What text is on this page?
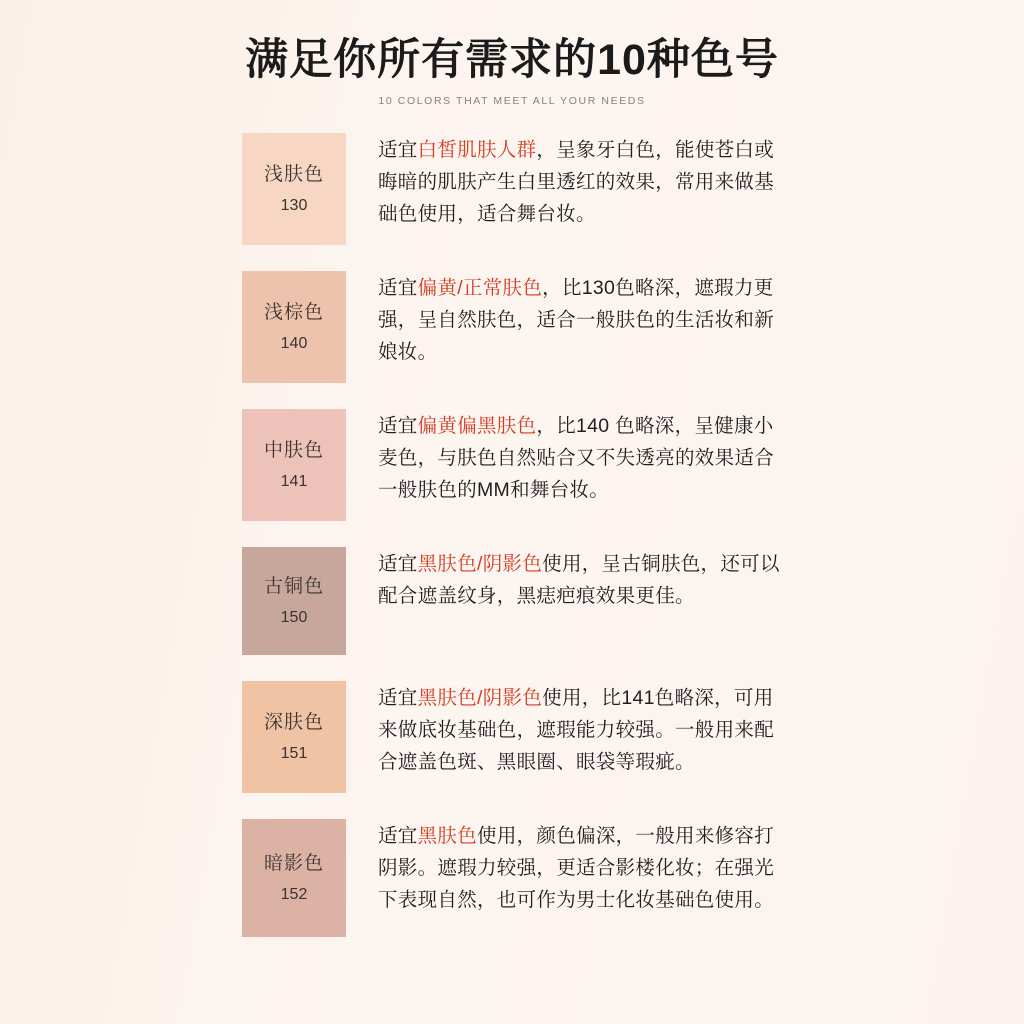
满足你所有需求的10种色号
10 COLORS THAT MEET ALL YOUR NEEDS
浅肤色
130
适宜白皙肌肤人群，呈象牙白色，能使苍白或晦暗的肌肤产生白里透红的效果，常用来做基础色使用，适合舞台妆。
浅棕色
140
适宜偏黄/正常肤色，比130色略深，遮瑕力更强，呈自然肤色，适合一般肤色的生活妆和新娘妆。
中肤色
141
适宜偏黄偏黑肤色，比140 色略深，呈健康小麦色，与肤色自然贴合又不失透亮的效果适合一般肤色的MM和舞台妆。
古铜色
150
适宜黑肤色/阴影色使用，呈古铜肤色，还可以配合遮盖纹身，黑痣疤痕效果更佳。
深肤色
151
适宜黑肤色/阴影色使用，比141色略深，可用来做底妆基础色，遮瑕能力较强。一般用来配合遮盖色斑、黑眼圈、眼袋等瑕疵。
暗影色
152
适宜黑肤色使用，颜色偏深，一般用来修容打阴影。遮瑕力较强，更适合影楼化妆；在强光下表现自然，也可作为男士化妆基础色使用。
